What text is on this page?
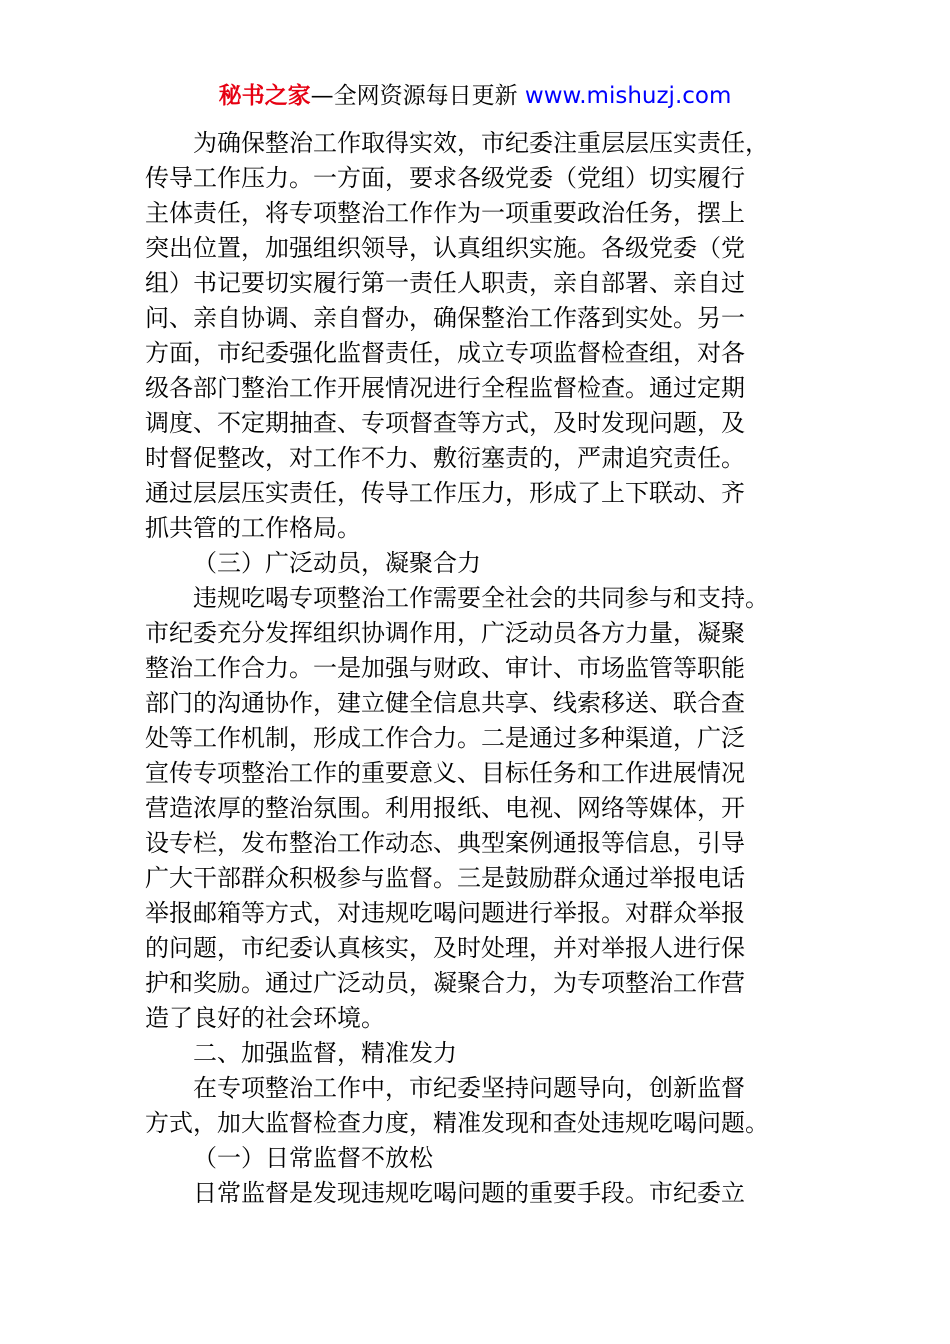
秘书之家—全网资源每日更新 www.mishuzj.com
为确保整治工作取得实效，市纪委注重层层压实责任，
传导工作压力。一方面，要求各级党委（党组）切实履行
主体责任，将专项整治工作作为一项重要政治任务，摆上
突出位置，加强组织领导，认真组织实施。各级党委（党
组）书记要切实履行第一责任人职责，亲自部署、亲自过
问、亲自协调、亲自督办，确保整治工作落到实处。另一
方面，市纪委强化监督责任，成立专项监督检查组，对各
级各部门整治工作开展情况进行全程监督检查。通过定期
调度、不定期抽查、专项督查等方式，及时发现问题，及
时督促整改，对工作不力、敷衍塞责的，严肃追究责任。
通过层层压实责任，传导工作压力，形成了上下联动、齐
抓共管的工作格局。
（三）广泛动员，凝聚合力
违规吃喝专项整治工作需要全社会的共同参与和支持。
市纪委充分发挥组织协调作用，广泛动员各方力量，凝聚
整治工作合力。一是加强与财政、审计、市场监管等职能
部门的沟通协作，建立健全信息共享、线索移送、联合查
处等工作机制，形成工作合力。二是通过多种渠道，广泛
宣传专项整治工作的重要意义、目标任务和工作进展情况
营造浓厚的整治氛围。利用报纸、电视、网络等媒体，开
设专栏，发布整治工作动态、典型案例通报等信息，引导
广大干部群众积极参与监督。三是鼓励群众通过举报电话
举报邮箱等方式，对违规吃喝问题进行举报。对群众举报
的问题，市纪委认真核实，及时处理，并对举报人进行保
护和奖励。通过广泛动员，凝聚合力，为专项整治工作营
造了良好的社会环境。
二、加强监督，精准发力
在专项整治工作中，市纪委坚持问题导向，创新监督
方式，加大监督检查力度，精准发现和查处违规吃喝问题。
（一）日常监督不放松
日常监督是发现违规吃喝问题的重要手段。市纪委立
